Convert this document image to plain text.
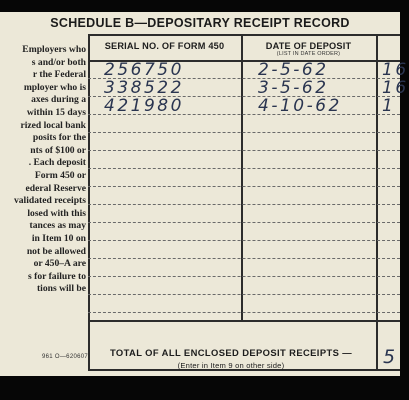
SCHEDULE B—DEPOSITARY RECEIPT RECORD
Employers who
s and/or both
r the Federal
mployer who is
axes during a
within 15 days
rized local bank
posits for the
nts of $100 or
. Each deposit
Form 450 or
ederal Reserve
validated receipts
losed with this
tances as may
in Item 10 on
not be allowed
or 450–A are
s for failure to
tions will be
961 O—620607
SERIAL NO. OF FORM 450	DATE OF DEPOSIT
(LIST IN DATE ORDER)
256750	2-5-62	16
338522	3-5-62	16
421980	4-10-62 1
TOTAL OF ALL ENCLOSED DEPOSIT RECEIPTS —
(Enter in Item 9 on other side)	5
